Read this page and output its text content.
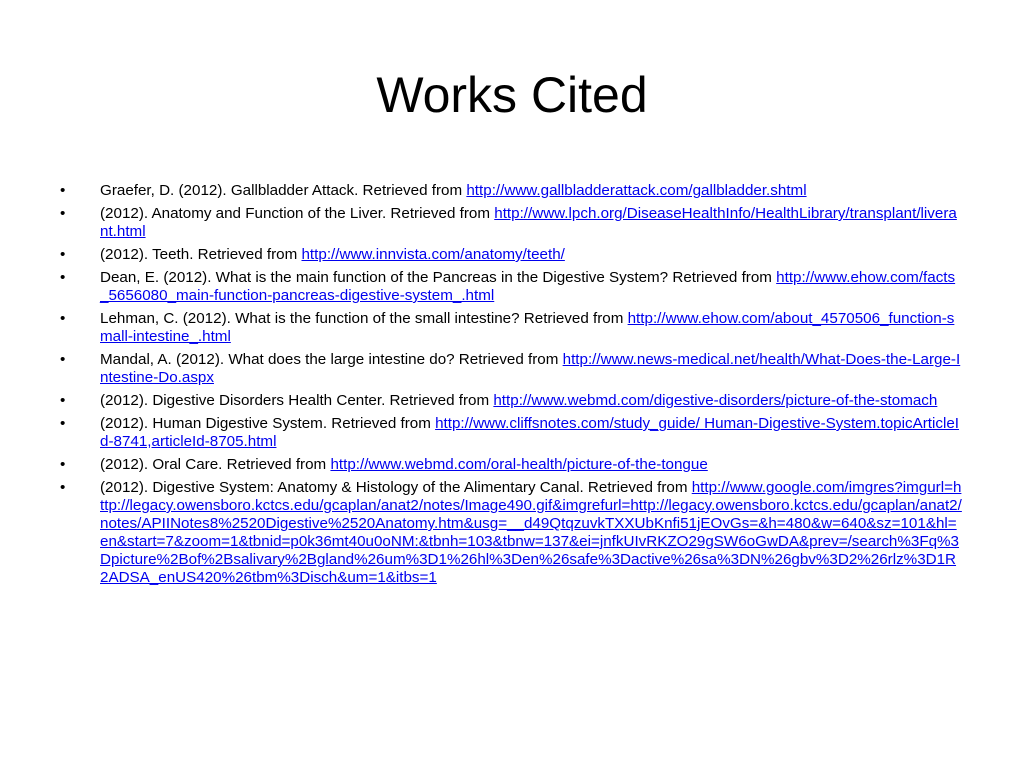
Works Cited
•	Graefer, D. (2012). Gallbladder Attack. Retrieved from http://www.gallbladderattack.com/gallbladder.shtml
•	(2012). Anatomy and Function of the Liver. Retrieved from http://www.lpch.org/DiseaseHealthInfo/HealthLibrary/transplant/liverant.html
•	(2012). Teeth. Retrieved from http://www.innvista.com/anatomy/teeth/
•	Dean, E. (2012). What is the main function of the Pancreas in the Digestive System? Retrieved from http://www.ehow.com/facts_5656080_main-function-pancreas-digestive-system_.html
•	Lehman, C. (2012). What is the function of the small intestine? Retrieved from http://www.ehow.com/about_4570506_function-small-intestine_.html
•	Mandal, A. (2012). What does the large intestine do? Retrieved from http://www.news-medical.net/health/What-Does-the-Large-Intestine-Do.aspx
•	(2012). Digestive Disorders Health Center. Retrieved from http://www.webmd.com/digestive-disorders/picture-of-the-stomach
•	(2012). Human Digestive System. Retrieved from http://www.cliffsnotes.com/study_guide/ Human-Digestive-System.topicArticleId-8741,articleId-8705.html
•	(2012). Oral Care. Retrieved from http://www.webmd.com/oral-health/picture-of-the-tongue
•	(2012). Digestive System: Anatomy & Histology of the Alimentary Canal. Retrieved from http://www.google.com/imgres?imgurl=http://legacy.owensboro.kctcs.edu/gcaplan/anat2/notes/Image490.gif&imgrefurl=http://legacy.owensboro.kctcs.edu/gcaplan/anat2/notes/APIINotes8%2520Digestive%2520Anatomy.htm&usg=__d49QtqzuvkTXXUbKnfi51jEOvGs=&h=480&w=640&sz=101&hl=en&start=7&zoom=1&tbnid=p0k36mt40u0oNM:&tbnh=103&tbnw=137&ei=jnfkUIvRKZO29gSW6oGwDA&prev=/search%3Fq%3Dpicture%2Bof%2Bsalivary%2Bgland%26um%3D1%26hl%3Den%26safe%3Dactive%26sa%3DN%26gbv%3D2%26rlz%3D1R2ADSA_enUS420%26tbm%3Disch&um=1&itbs=1
